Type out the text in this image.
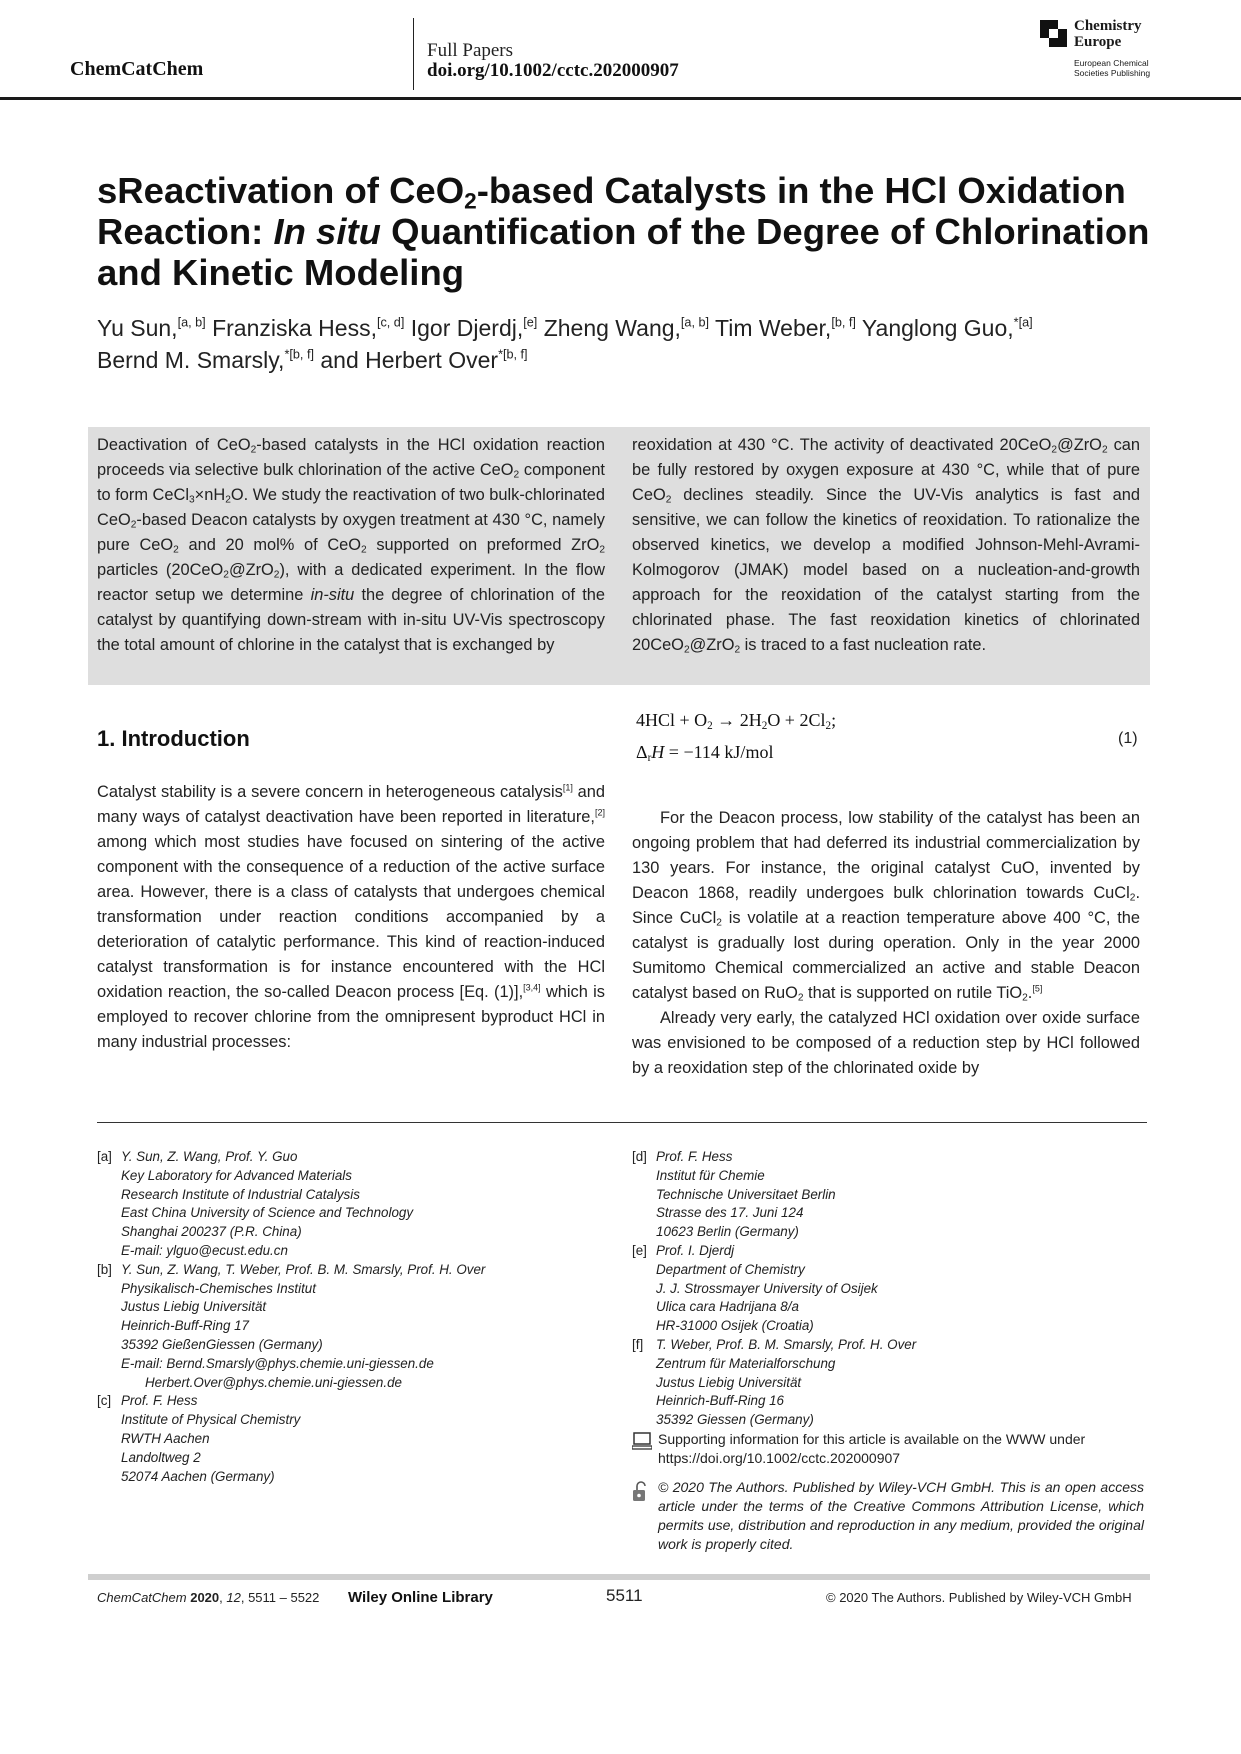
ChemCatChem
Full Papers
doi.org/10.1002/cctc.202000907
Chemistry
Europe
European Chemical
Societies Publishing
sReactivation of CeO$_2$-based Catalysts in the HCl Oxidation Reaction: In situ Quantification of the Degree of Chlorination and Kinetic Modeling
Yu Sun,[a, b] Franziska Hess,[c, d] Igor Djerdj,[e] Zheng Wang,[a, b] Tim Weber,[b, f] Yanglong Guo,$^{*[a]}$
Bernd M. Smarsly,$^{*[b, f]}$ and Herbert Over$^{*[b, f]}$
Deactivation of CeO$_2$-based catalysts in the HCl oxidation reaction proceeds via selective bulk chlorination of the active CeO$_2$ component to form $CeCl_3\times nH_2O$. We study the reactivation of two bulk-chlorinated CeO$_2$-based Deacon catalysts by oxygen treatment at 430 °C, namely pure CeO$_2$ and 20 mol% of CeO$_2$ supported on preformed ZrO$_2$ particles (20CeO$_2$@ZrO$_2$), with a dedicated experiment. In the flow reactor setup we determine in-situ the degree of chlorination of the catalyst by quantifying down-stream with in-situ UV-Vis spectroscopy the total amount of chlorine in the catalyst that is exchanged by
reoxidation at 430 °C. The activity of deactivated 20CeO$_2$@ZrO$_2$ can be fully restored by oxygen exposure at 430 °C, while that of pure CeO$_2$ declines steadily. Since the UV-Vis analytics is fast and sensitive, we can follow the kinetics of reoxidation. To rationalize the observed kinetics, we develop a modified Johnson-Mehl-Avrami-Kolmogorov (JMAK) model based on a nucleation-and-growth approach for the reoxidation of the catalyst starting from the chlorinated phase. The fast reoxidation kinetics of chlorinated 20CeO$_2$@ZrO$_2$ is traced to a fast nucleation rate.
1. Introduction

Catalyst stability is a severe concern in heterogeneous catalysis[1] and many ways of catalyst deactivation have been reported in literature,[2] among which most studies have focused on sintering of the active component with the consequence of a reduction of the active surface area. However, there is a class of catalysts that undergoes chemical transformation under reaction conditions accompanied by a deterioration of catalytic performance. This kind of reaction-induced catalyst transformation is for instance encountered with the HCl oxidation reaction, the so-called Deacon process [Eq. (1)],[3,4] which is employed to recover chlorine from the omnipresent byproduct HCl in many industrial processes:

$4HCl + O_2 \to 2H_2O + 2Cl_2$;
$\Delta_rH = -114$ kJ/mol
(1)

For the Deacon process, low stability of the catalyst has been an ongoing problem that had deferred its industrial commercialization by 130 years. For instance, the original catalyst CuO, invented by Deacon 1868, readily undergoes bulk chlorination towards CuCl$_2$. Since CuCl$_2$ is volatile at a reaction temperature above 400 °C, the catalyst is gradually lost during operation. Only in the year 2000 Sumitomo Chemical commercialized an active and stable Deacon catalyst based on RuO$_2$ that is supported on rutile TiO$_2$.[5]

Already very early, the catalyzed HCl oxidation over oxide surface was envisioned to be composed of a reduction step by HCl followed by a reoxidation step of the chlorinated oxide by

[a] Y. Sun, Z. Wang, Prof. Y. Guo
Key Laboratory for Advanced Materials
Research Institute of Industrial Catalysis
East China University of Science and Technology
Shanghai 200237 (P.R. China)
E-mail: ylguo@ecust.edu.cn
[b] Y. Sun, Z. Wang, T. Weber, Prof. B. M. Smarsly, Prof. H. Over
Physikalisch-Chemisches Institut
Justus Liebig Universität
Heinrich-Buff-Ring 17
35392 GießenGiessen (Germany)
E-mail: Bernd.Smarsly@phys.chemie.uni-giessen.de
Herbert.Over@phys.chemie.uni-giessen.de
[c] Prof. F. Hess
Institute of Physical Chemistry
RWTH Aachen
Landoltweg 2
52074 Aachen (Germany)
[d] Prof. F. Hess
Institut für Chemie
Technische Universitaet Berlin
Strasse des 17. Juni 124
10623 Berlin (Germany)
[e] Prof. I. Djerdj
Department of Chemistry
J. J. Strossmayer University of Osijek
Ulica cara Hadrijana 8/a
HR-31000 Osijek (Croatia)
[f] T. Weber, Prof. B. M. Smarsly, Prof. H. Over
Zentrum für Materialforschung
Justus Liebig Universität
Heinrich-Buff-Ring 16
35392 Giessen (Germany)
Supporting information for this article is available on the WWW under https://doi.org/10.1002/cctc.202000907
© 2020 The Authors. Published by Wiley-VCH GmbH. This is an open access article under the terms of the Creative Commons Attribution License, which permits use, distribution and reproduction in any medium, provided the original work is properly cited.
ChemCatChem 2020, 12, 5511 – 5522 Wiley Online Library	5511	© 2020 The Authors. Published by Wiley-VCH GmbH
